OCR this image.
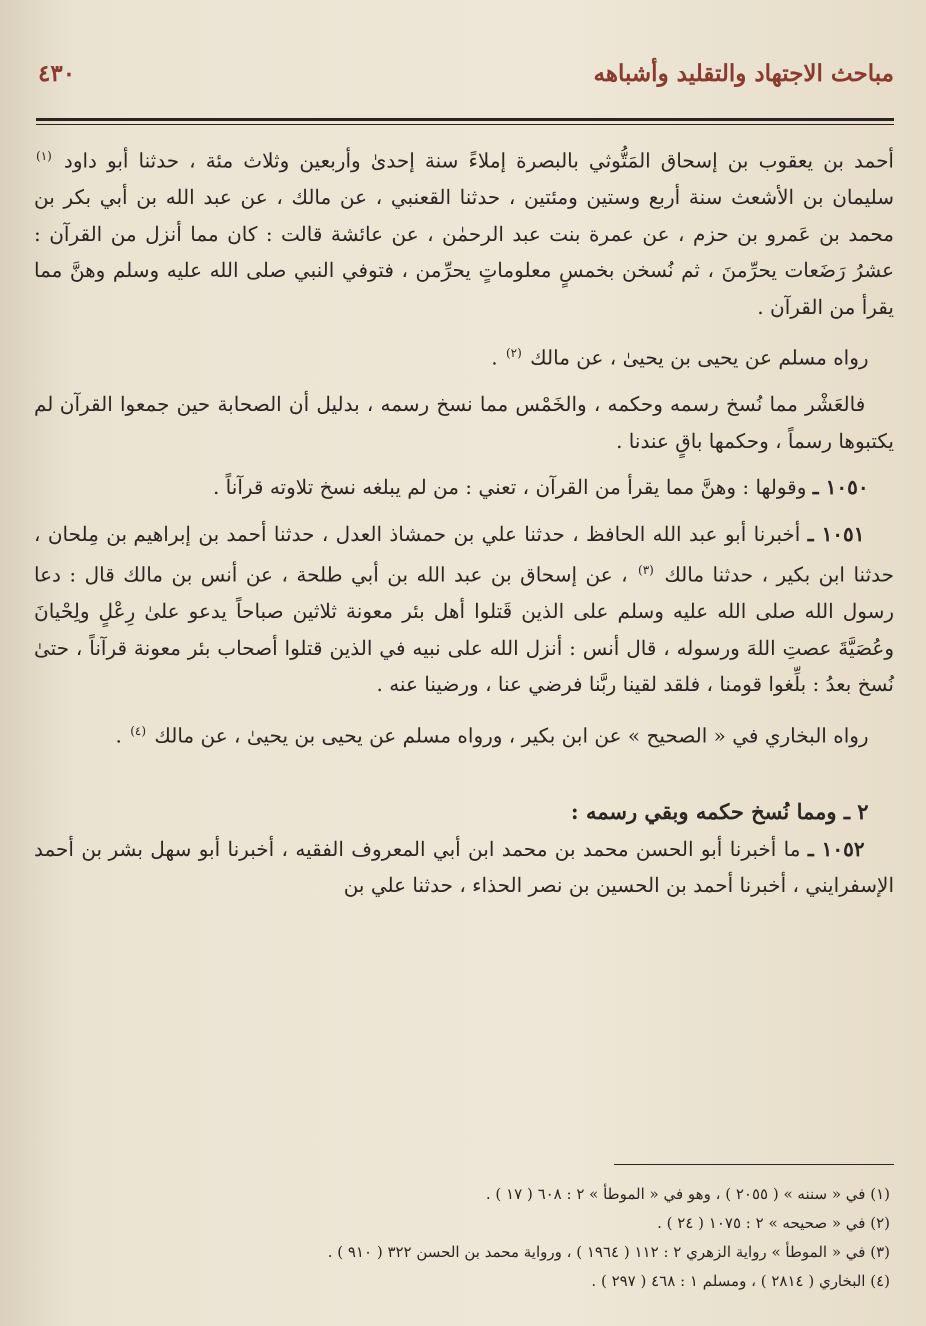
مباحث الاجتهاد والتقليد وأشباهه
٤٣٠

أحمد بن يعقوب بن إسحاق المَتُّوثي بالبصرة إملاءً سنة إحدىٰ وأربعين وثلاث مئة ، حدثنا أبو داود $^{(١)}$ سليمان بن الأشعث سنة أربع وستين ومئتين ، حدثنا القعنبي ، عن مالك ، عن عبد الله بن أبي بكر بن محمد بن عَمرو بن حزم ، عن عمرة بنت عبد الرحمٰن ، عن عائشة قالت : كان مما أنزل من القرآن : عشرُ رَضَعات يحرِّمنَ ، ثم نُسخن بخمسٍ معلوماتٍ يحرِّمن ، فتوفي النبي صلى الله عليه وسلم وهنَّ مما يقرأ من القرآن .

رواه مسلم عن يحيى بن يحيىٰ ، عن مالك $^{(٢)}$ .

فالعَشْر مما نُسخ رسمه وحكمه ، والخَمْس مما نسخ رسمه ، بدليل أن الصحابة حين جمعوا القرآن لم يكتبوها رسماً ، وحكمها باقٍ عندنا .

١٠٥٠ ـ وقولها : وهنَّ مما يقرأ من القرآن ، تعني : من لم يبلغه نسخ تلاوته قرآناً .

١٠٥١ ـ أخبرنا أبو عبد الله الحافظ ، حدثنا علي بن حمشاذ العدل ، حدثنا أحمد بن إبراهيم بن مِلحان ، حدثنا ابن بكير ، حدثنا مالك $^{(٣)}$ ، عن إسحاق بن عبد الله بن أبي طلحة ، عن أنس بن مالك قال : دعا رسول الله صلى الله عليه وسلم على الذين قَتلوا أهل بئر معونة ثلاثين صباحاً يدعو علىٰ رِعْلٍ ولِحْيانَ وعُصَيَّةَ عصتِ اللهَ ورسوله ، قال أنس : أنزل الله على نبيه في الذين قتلوا أصحاب بئر معونة قرآناً ، حتىٰ نُسخ بعدُ : بلِّغوا قومنا ، فلقد لقينا ربَّنا فرضي عنا ، ورضينا عنه .

رواه البخاري في « الصحيح » عن ابن بكير ، ورواه مسلم عن يحيى بن يحيىٰ ، عن مالك $^{(٤)}$ .

٢ ـ ومما نُسخ حكمه وبقي رسمه :

١٠٥٢ ـ ما أخبرنا أبو الحسن محمد بن محمد ابن أبي المعروف الفقيه ، أخبرنا أبو سهل بشر بن أحمد الإسفرايني ، أخبرنا أحمد بن الحسين بن نصر الحذاء ، حدثنا علي بن

(١) في « سننه » ( ٢٠٥٥ ) ، وهو في « الموطأ » ٢ : ٦٠٨ ( ١٧ ) .
(٢) في « صحيحه » ٢ : ١٠٧٥ ( ٢٤ ) .
(٣) في « الموطأ » رواية الزهري ٢ : ١١٢ ( ١٩٦٤ ) ، ورواية محمد بن الحسن ٣٢٢ ( ٩١٠ ) .
(٤) البخاري ( ٢٨١٤ ) ، ومسلم ١ : ٤٦٨ ( ٢٩٧ ) .
